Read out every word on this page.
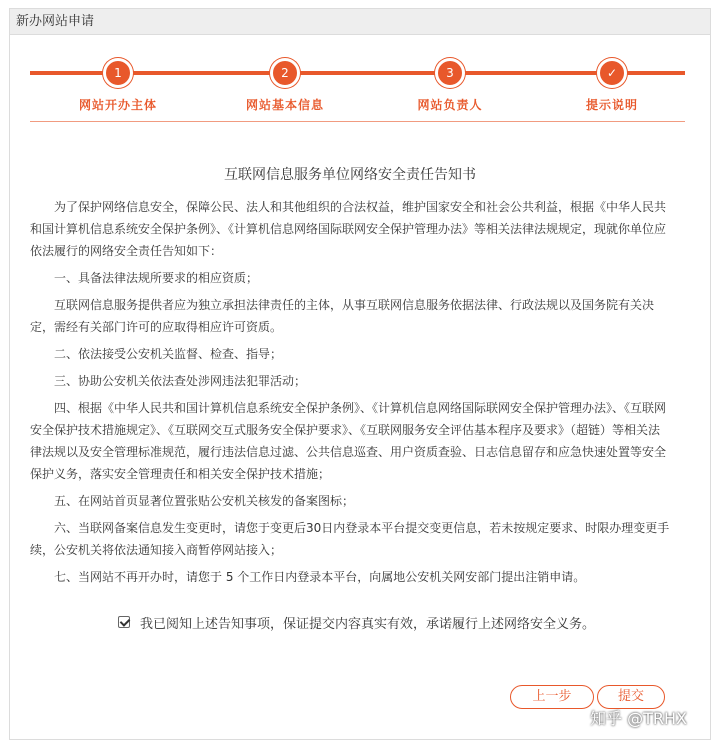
新办网站申请
1
网站开办主体
2
网站基本信息
3
网站负责人
✓
提示说明
互联网信息服务单位网络安全责任告知书

为了保护网络信息安全，保障公民、法人和其他组织的合法权益，维护国家安全和社会公共利益，根据《中华人民共和国计算机信息系统安全保护条例》、《计算机信息网络国际联网安全保护管理办法》等相关法律法规规定，现就你单位应依法履行的网络安全责任告知如下：

一、具备法律法规所要求的相应资质；

互联网信息服务提供者应为独立承担法律责任的主体，从事互联网信息服务依据法律、行政法规以及国务院有关决定，需经有关部门许可的应取得相应许可资质。

二、依法接受公安机关监督、检查、指导；

三、协助公安机关依法查处涉网违法犯罪活动；

四、根据《中华人民共和国计算机信息系统安全保护条例》、《计算机信息网络国际联网安全保护管理办法》、《互联网安全保护技术措施规定》、《互联网交互式服务安全保护要求》、《互联网服务安全评估基本程序及要求》（超链）等相关法律法规以及安全管理标准规范，履行违法信息过滤、公共信息巡查、用户资质查验、日志信息留存和应急快速处置等安全保护义务，落实安全管理责任和相关安全保护技术措施；

五、在网站首页显著位置张贴公安机关核发的备案图标；

六、当联网备案信息发生变更时，请您于变更后30日内登录本平台提交变更信息，若未按规定要求、时限办理变更手续，公安机关将依法通知接入商暂停网站接入；

七、当网站不再开办时，请您于 5 个工作日内登录本平台，向属地公安机关网安部门提出注销申请。

我已阅知上述告知事项，保证提交内容真实有效，承诺履行上述网络安全义务。
上一步	提交
知乎 @TRHX
